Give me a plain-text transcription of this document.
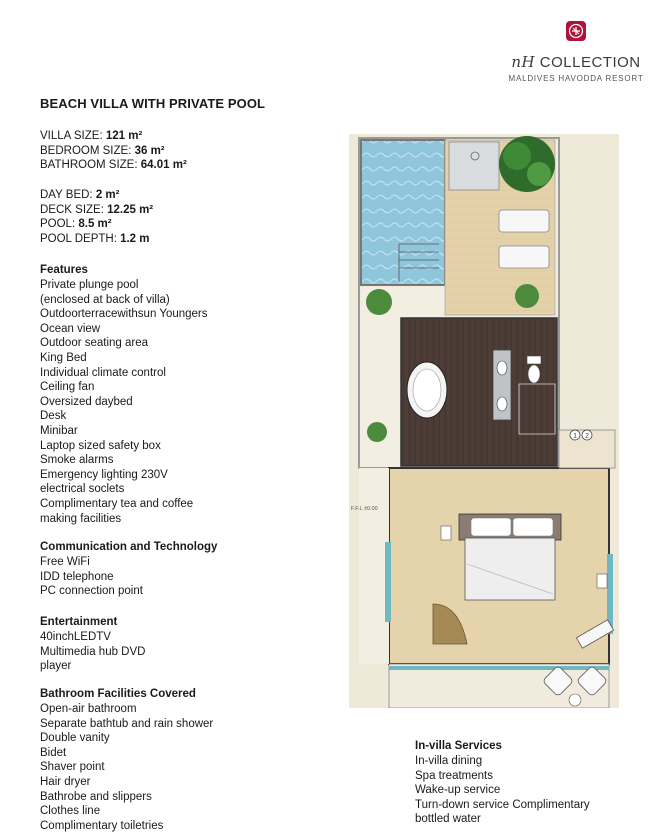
nH COLLECTION
MALDIVES HAVODDA RESORT
BEACH VILLA WITH PRIVATE POOL
VILLA SIZE: 121 m²
BEDROOM SIZE: 36 m²
BATHROOM SIZE: 64.01 m²
DAY BED: 2 m²
DECK SIZE: 12.25 m²
POOL: 8.5 m²
POOL DEPTH: 1.2 m
Features
Private plunge pool
(enclosed at back of villa)
Outdoorterracewithsun Youngers
Ocean view
Outdoor seating area
King Bed
Individual climate control
Ceiling fan
Oversized daybed
Desk
Minibar
Laptop sized safety box
Smoke alarms
Emergency lighting 230V
electrical soclets
Complimentary tea and coffee
making facilities
Communication and Technology
Free WiFi
IDD telephone
PC connection point
Entertainment
40inchLEDTV
Multimedia hub DVD
player
Bathroom Facilities Covered
Open-air bathroom
Separate bathtub and rain shower
Double vanity
Bidet
Shaver point
Hair dryer
Bathrobe and slippers
Clothes line
Complimentary toiletries
1 2
F.F.L ±0.00
In-villa Services
In-villa dining
Spa treatments
Wake-up service
Turn-down service Complimentary
bottled water
